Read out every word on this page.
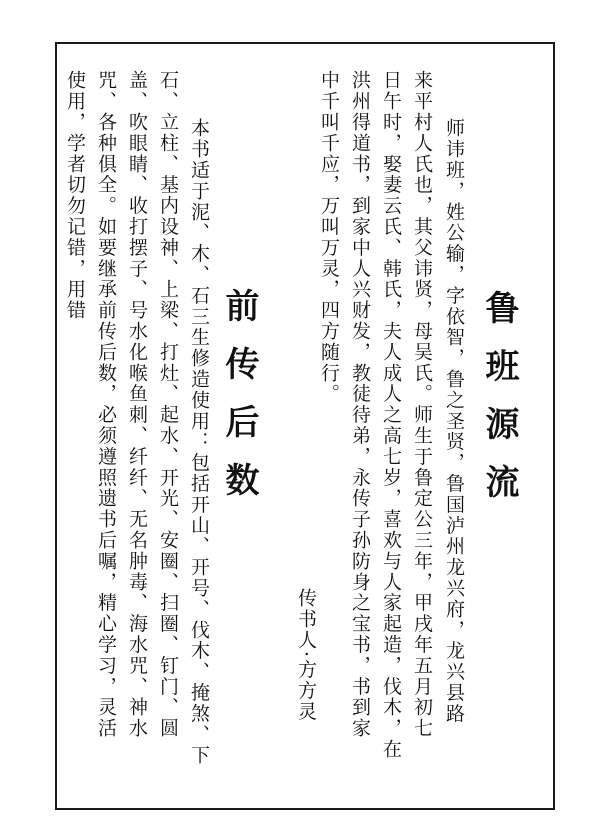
鲁班源流
师讳班，姓公输，字依智，鲁之圣贤，鲁国泸州龙兴府，龙兴县路
来平村人氏也，其父讳贤，母吴氏。师生于鲁定公三年，甲戌年五月初七
日午时，娶妻云氏、韩氏，夫人成人之高七岁，喜欢与人家起造，伐木，在
洪州得道书，到家中人兴财发，教徒待弟，永传子孙防身之宝书，书到家
中千叫千应，万叫万灵，四方随行。
传书人·方方灵
前传后数
本书适于泥、木、石三生修造使用：包括开山、开号、伐木、掩煞、下
石、立柱、基内设神、上梁、打灶、起水、开光、安圈、扫圈、钉门、圆
盖、吹眼睛、收打摆子、号水化喉鱼刺、纤纤、无名肿毒、海水咒、神水
咒、各种俱全。如要继承前传后数，必须遵照遗书后嘱，精心学习，灵活
使用，学者切勿记错，用错
